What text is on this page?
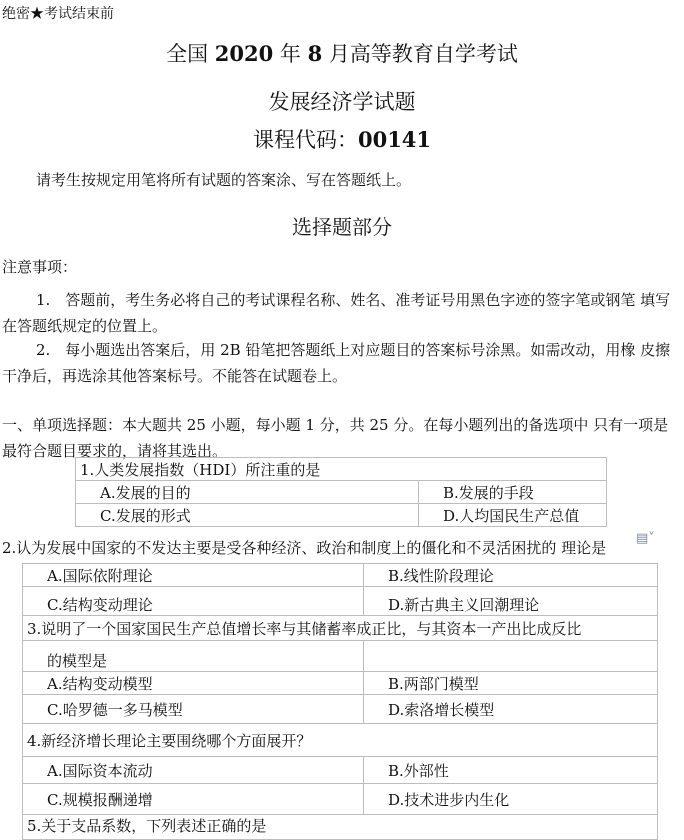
绝密★考试结束前
全国 2020 年 8 月高等教育自学考试
发展经济学试题
课程代码：00141
请考生按规定用笔将所有试题的答案涂、写在答题纸上。
选择题部分
注意事项：
1.　答题前，考生务必将自己的考试课程名称、姓名、准考证号用黑色字迹的签字笔或钢笔 填写在答题纸规定的位置上。
2.　每小题选出答案后，用 2B 铅笔把答题纸上对应题目的答案标号涂黑。如需改动，用橡 皮擦干净后，再选涂其他答案标号。不能答在试题卷上。
一、单项选择题：本大题共 25 小题，每小题 1 分，共 25 分。在每小题列出的备选项中 只有一项是最符合题目要求的，请将其选出。
1.人类发展指数（HDI）所注重的是	
A.发展的目的	B.发展的手段
C.发展的形式	D.人均国民生产总值
▤˅
2.认为发展中国家的不发达主要是受各种经济、政治和制度上的僵化和不灵活困扰的 理论是
A.国际依附理论	B.线性阶段理论
C.结构变动理论	D.新古典主义回潮理论
3.说明了一个国家国民生产总值增长率与其储蓄率成正比，与其资本一产出比成反比	
的模型是	
A.结构变动模型	B.两部门模型
C.哈罗德一多马模型	D.索洛增长模型
4.新经济增长理论主要围绕哪个方面展开？	
A.国际资本流动	B.外部性
C.规模报酬递增	D.技术进步内生化
5.关于支品系数，下列表述正确的是	
